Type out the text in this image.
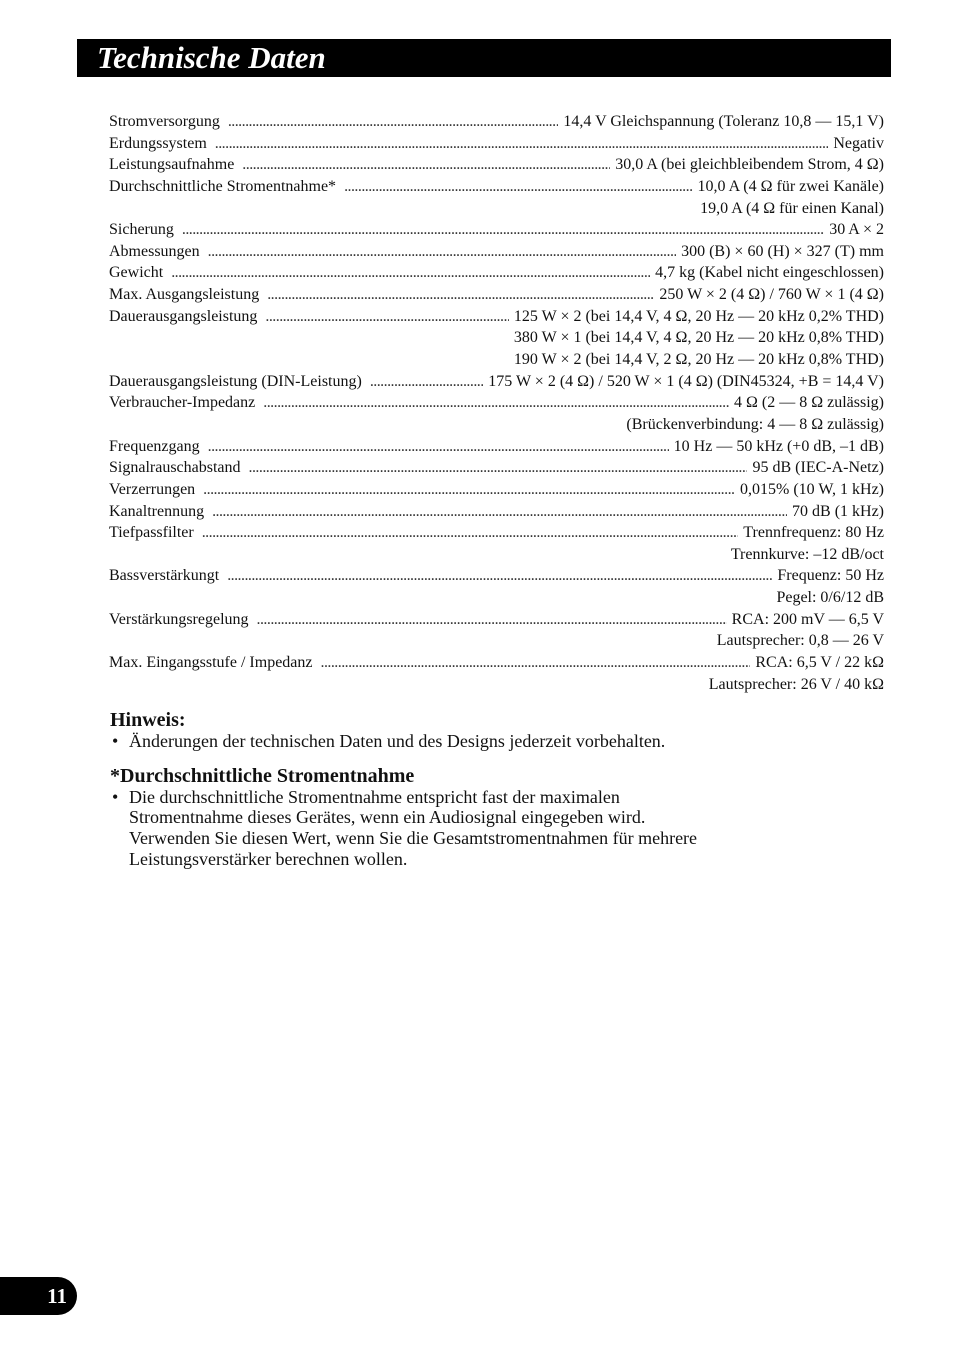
Technische Daten
Stromversorgung .....	14,4 V Gleichspannung (Toleranz 10,8 — 15,1 V)
Erdungssystem .....	Negativ
Leistungsaufnahme .....	30,0 A (bei gleichbleibendem Strom, 4 Ω)
Durchschnittliche Stromentnahme* .....	10,0 A (4 Ω für zwei Kanäle)
19,0 A (4 Ω für einen Kanal)
Sicherung .....	30 A × 2
Abmessungen .....	300 (B) × 60 (H) × 327 (T) mm
Gewicht .....	4,7 kg (Kabel nicht eingeschlossen)
Max. Ausgangsleistung .....	250 W × 2 (4 Ω) / 760 W × 1 (4 Ω)
Dauerausgangsleistung .....	125 W × 2 (bei 14,4 V, 4 Ω, 20 Hz — 20 kHz 0,2% THD)
380 W × 1 (bei 14,4 V, 4 Ω, 20 Hz — 20 kHz 0,8% THD)
190 W × 2 (bei 14,4 V, 2 Ω, 20 Hz — 20 kHz 0,8% THD)
Dauerausgangsleistung (DIN-Leistung) .....	175 W × 2 (4 Ω) / 520 W × 1 (4 Ω) (DIN45324, +B = 14,4 V)
Verbraucher-Impedanz .....	4 Ω (2 — 8 Ω zulässig)
(Brückenverbindung: 4 — 8 Ω zulässig)
Frequenzgang .....	10 Hz — 50 kHz (+0 dB, –1 dB)
Signalrauschabstand .....	95 dB (IEC-A-Netz)
Verzerrungen .....	0,015% (10 W, 1 kHz)
Kanaltrennung .....	70 dB (1 kHz)
Tiefpassfilter .....	Trennfrequenz: 80 Hz
Trennkurve: –12 dB/oct
Bassverstärkungt .....	Frequenz: 50 Hz
Pegel: 0/6/12 dB
Verstärkungsregelung .....	RCA: 200 mV — 6,5 V
Lautsprecher: 0,8 — 26 V
Max. Eingangsstufe / Impedanz .....	RCA: 6,5 V / 22 kΩ
Lautsprecher: 26 V / 40 kΩ
Hinweis:
• Änderungen der technischen Daten und des Designs jederzeit vorbehalten.
*Durchschnittliche Stromentnahme
• Die durchschnittliche Stromentnahme entspricht fast der maximalen
Stromentnahme dieses Gerätes, wenn ein Audiosignal eingegeben wird.
Verwenden Sie diesen Wert, wenn Sie die Gesamtstromentnahmen für mehrere
Leistungsverstärker berechnen wollen.
11
